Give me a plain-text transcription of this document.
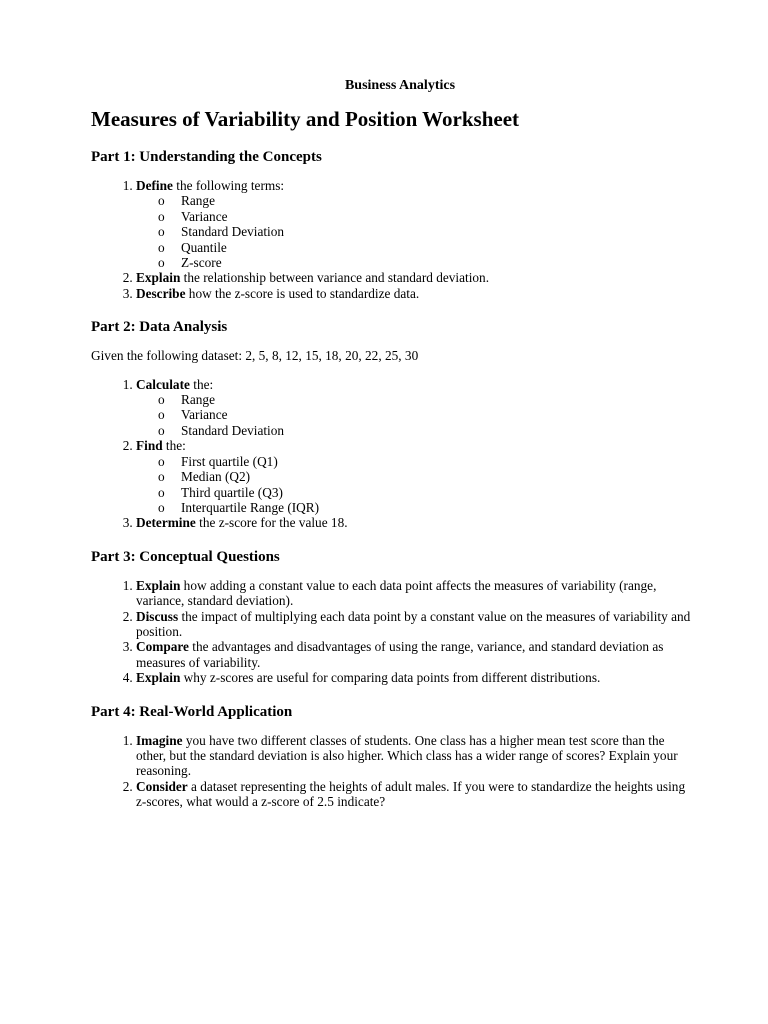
Business Analytics
Measures of Variability and Position Worksheet
Part 1: Understanding the Concepts
1. Define the following terms:
o Range
o Variance
o Standard Deviation
o Quantile
o Z-score
2. Explain the relationship between variance and standard deviation.
3. Describe how the z-score is used to standardize data.
Part 2: Data Analysis

Given the following dataset: 2, 5, 8, 12, 15, 18, 20, 22, 25, 30

1. Calculate the:
o Range
o Variance
o Standard Deviation
2. Find the:
o First quartile (Q1)
o Median (Q2)
o Third quartile (Q3)
o Interquartile Range (IQR)
3. Determine the z-score for the value 18.
Part 3: Conceptual Questions
1. Explain how adding a constant value to each data point affects the measures of variability (range, variance, standard deviation).
2. Discuss the impact of multiplying each data point by a constant value on the measures of variability and position.
3. Compare the advantages and disadvantages of using the range, variance, and standard deviation as measures of variability.
4. Explain why z-scores are useful for comparing data points from different distributions.
Part 4: Real-World Application
1. Imagine you have two different classes of students. One class has a higher mean test score than the other, but the standard deviation is also higher. Which class has a wider range of scores? Explain your reasoning.
2. Consider a dataset representing the heights of adult males. If you were to standardize the heights using z-scores, what would a z-score of 2.5 indicate?
